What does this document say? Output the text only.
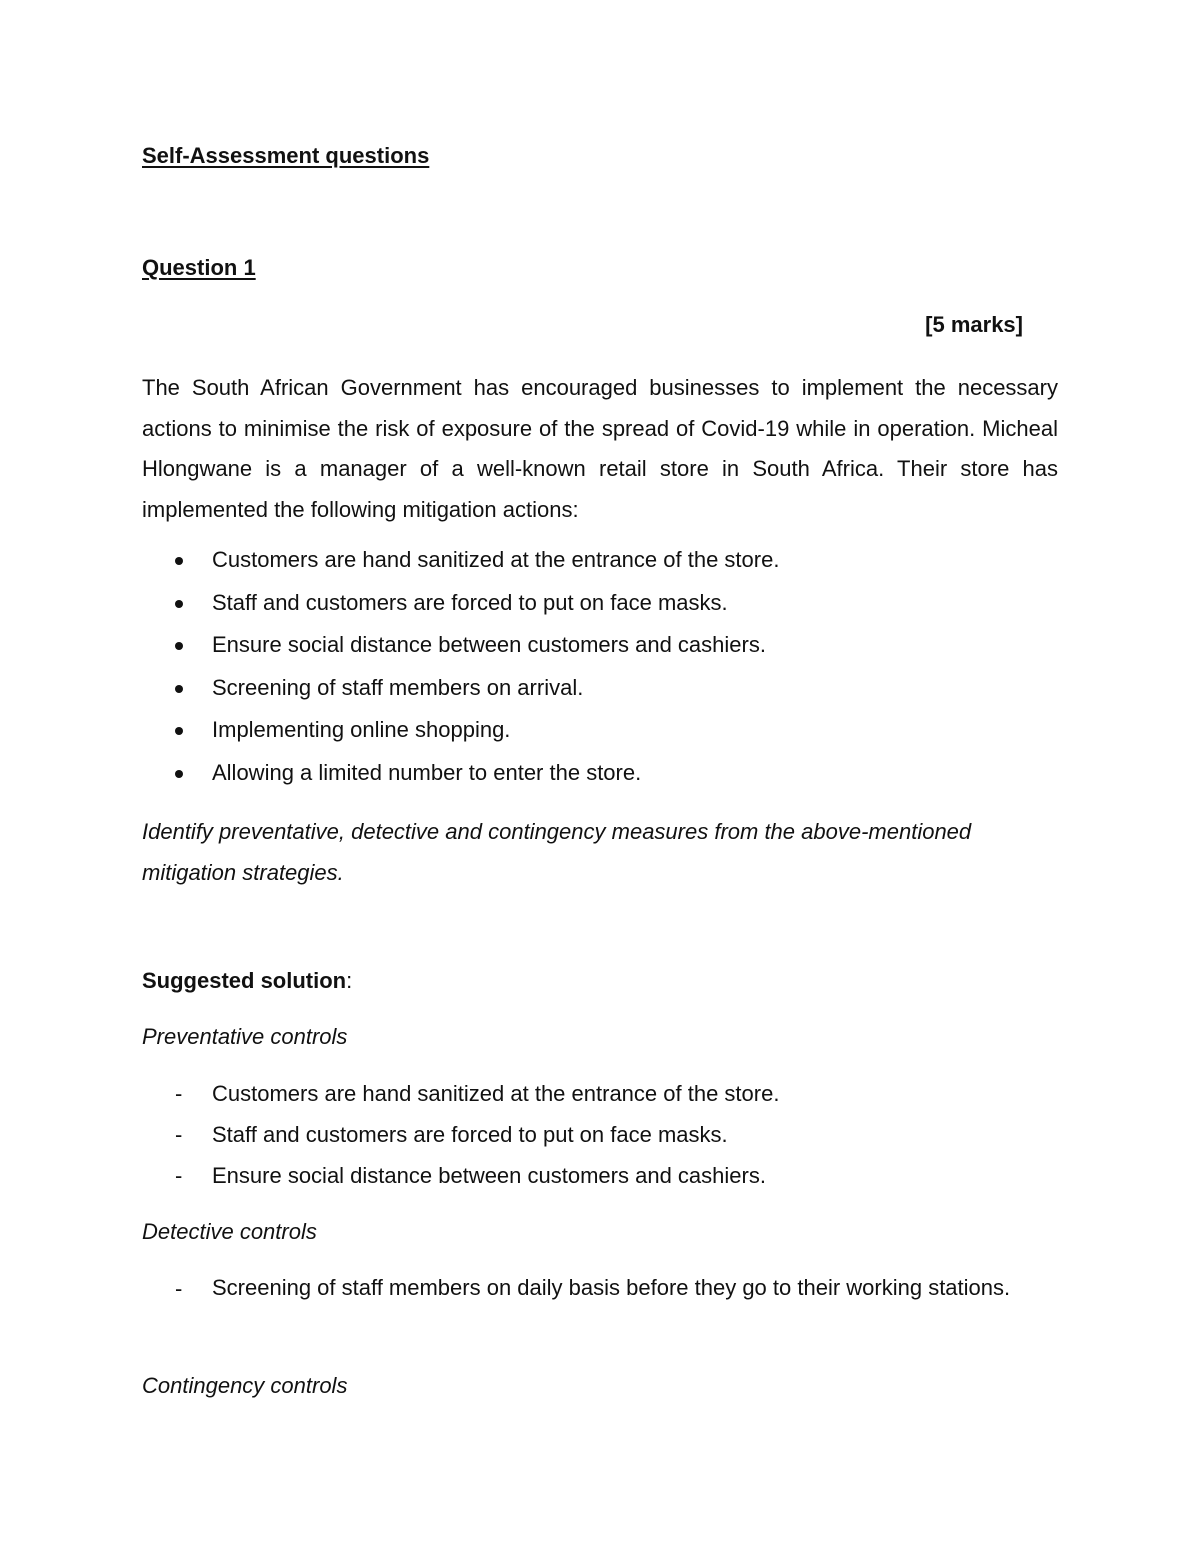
Self-Assessment questions
Question 1
[5 marks]
The South African Government has encouraged businesses to implement the necessary actions to minimise the risk of exposure of the spread of Covid-19 while in operation. Micheal Hlongwane is a manager of a well-known retail store in South Africa. Their store has implemented the following mitigation actions:
Customers are hand sanitized at the entrance of the store.
Staff and customers are forced to put on face masks.
Ensure social distance between customers and cashiers.
Screening of staff members on arrival.
Implementing online shopping.
Allowing a limited number to enter the store.
Identify preventative, detective and contingency measures from the above-mentioned mitigation strategies.
Suggested solution:
Preventative controls
- Customers are hand sanitized at the entrance of the store.
- Staff and customers are forced to put on face masks.
- Ensure social distance between customers and cashiers.
Detective controls
- Screening of staff members on daily basis before they go to their working stations.
Contingency controls
